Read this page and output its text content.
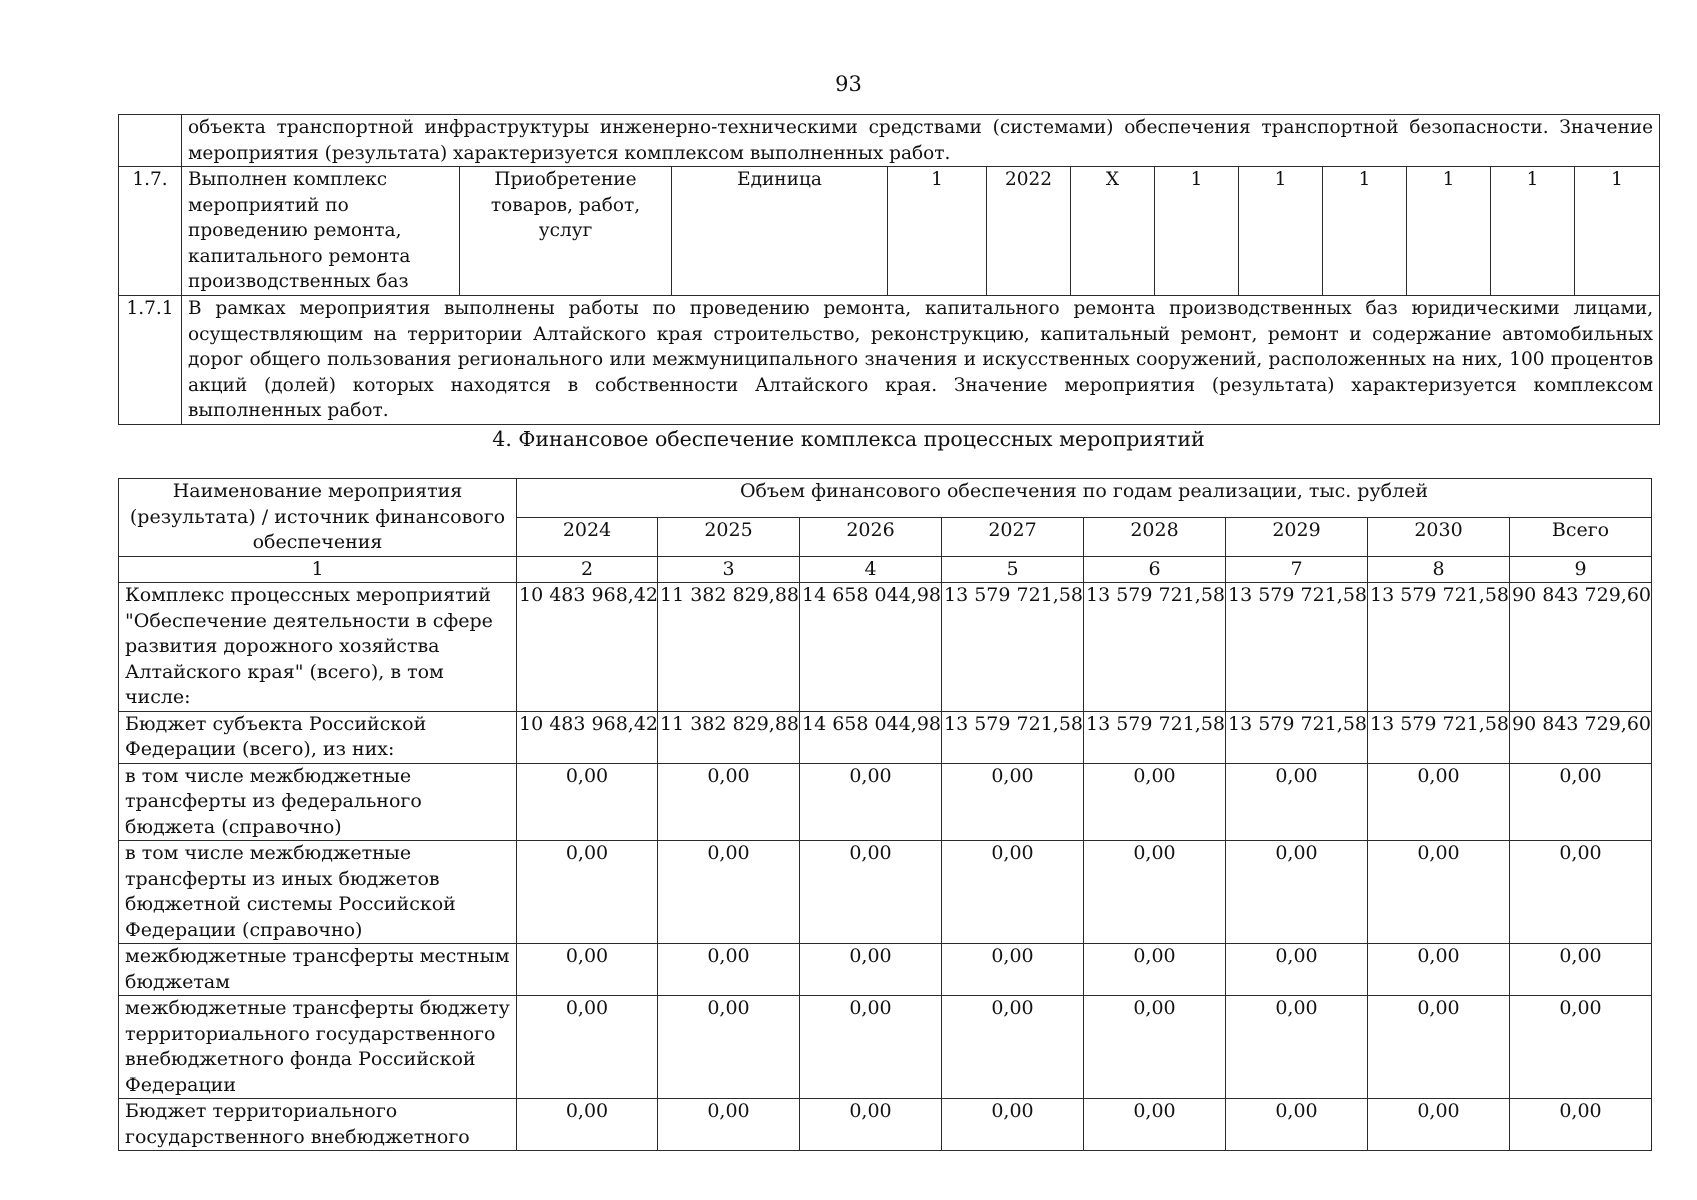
93
	объекта транспортной инфраструктуры инженерно-техническими средствами (системами) обеспечения транспортной безопасности. Значение мероприятия (результата) характеризуется комплексом выполненных работ.											
1.7.	Выполнен комплекс мероприятий по проведению ремонта, капитального ремонта производственных баз	Приобретение товаров, работ, услуг	Единица	1	2022	X	1	1	1	1	1	1
1.7.1	В рамках мероприятия выполнены работы по проведению ремонта, капитального ремонта производственных баз юридическими лицами, осуществляющим на территории Алтайского края строительство, реконструкцию, капитальный ремонт, ремонт и содержание автомобильных дорог общего пользования регионального или межмуниципального значения и искусственных сооружений, расположенных на них, 100 процентов акций (долей) которых находятся в собственности Алтайского края. Значение мероприятия (результата) характеризуется комплексом выполненных работ.											
4. Финансовое обеспечение комплекса процессных мероприятий
Наименование мероприятия (результата) / источник финансового обеспечения	Объем финансового обеспечения по годам реализации, тыс. рублей							
	2024	2025	2026	2027	2028	2029	2030	Всего
1	2	3	4	5	6	7	8	9
Комплекс процессных мероприятий "Обеспечение деятельности в сфере развития дорожного хозяйства Алтайского края" (всего), в том числе:	10 483 968,42	11 382 829,88	14 658 044,98	13 579 721,58	13 579 721,58	13 579 721,58	13 579 721,58	90 843 729,60
Бюджет субъекта Российской Федерации (всего), из них:	10 483 968,42	11 382 829,88	14 658 044,98	13 579 721,58	13 579 721,58	13 579 721,58	13 579 721,58	90 843 729,60
в том числе межбюджетные трансферты из федерального бюджета (справочно)	0,00	0,00	0,00	0,00	0,00	0,00	0,00	0,00
в том числе межбюджетные трансферты из иных бюджетов бюджетной системы Российской Федерации (справочно)	0,00	0,00	0,00	0,00	0,00	0,00	0,00	0,00
межбюджетные трансферты местным бюджетам	0,00	0,00	0,00	0,00	0,00	0,00	0,00	0,00
межбюджетные трансферты бюджету территориального государственного внебюджетного фонда Российской Федерации	0,00	0,00	0,00	0,00	0,00	0,00	0,00	0,00
Бюджет территориального государственного внебюджетного	0,00	0,00	0,00	0,00	0,00	0,00	0,00	0,00
